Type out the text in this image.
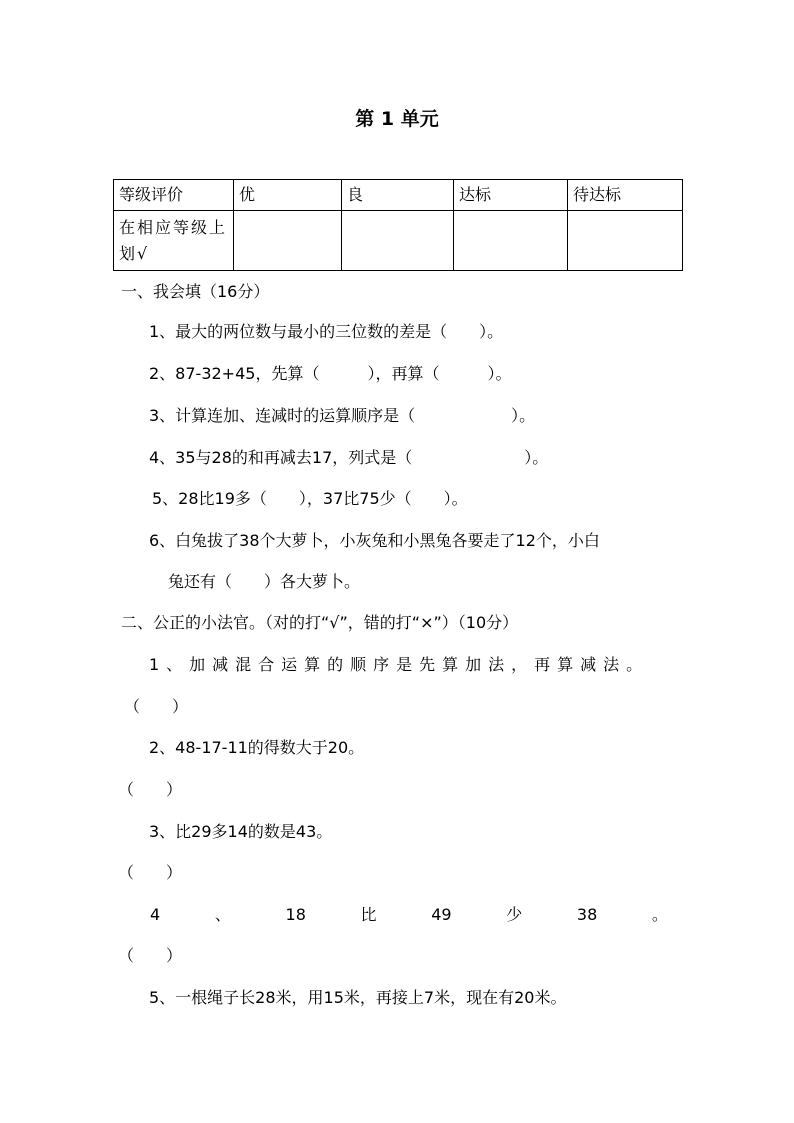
第 1 单元
等级评价	优	良	达标	待达标
在相应等级上划√				
一、我会填（16分）
1、最大的两位数与最小的三位数的差是（　　）。
2、87-32+45，先算（　　　），再算（　　　）。
3、计算连加、连减时的运算顺序是（　　　　　　）。
4、35与28的和再减去17，列式是（　　　　　　　）。
5、28比19多（　　），37比75少（　　）。
6、白兔拔了38个大萝卜，小灰兔和小黑兔各要走了12个，小白
兔还有（　　）各大萝卜。
二、公正的小法官。（对的打“√”，错的打“×”）（10分）
1、加减混合运算的顺序是先算加法，再算减法。
（　　）
2、48-17-11的得数大于20。
（　　）
3、比29多14的数是43。
（　　）
4	、	18	比	49	少	38	。
（　　）
5、一根绳子长28米，用15米，再接上7米，现在有20米。
